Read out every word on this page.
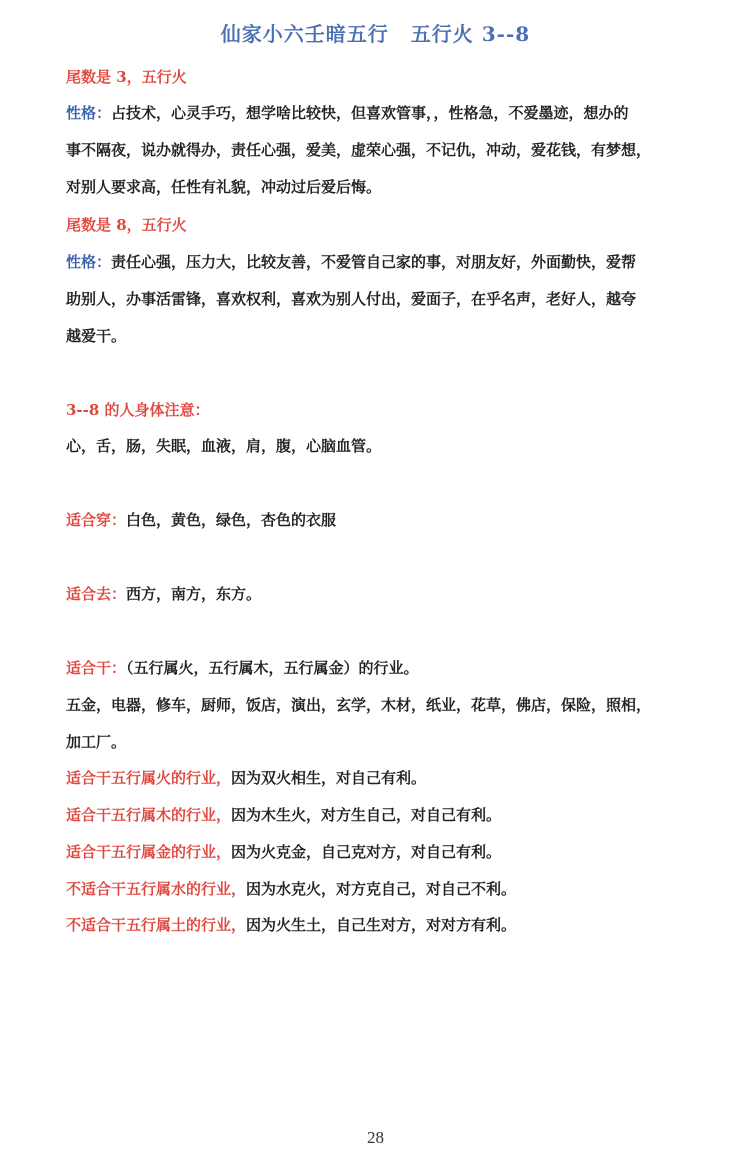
仙家小六壬暗五行 五行火 3--8
尾数是 3，五行火
性格：占技术，心灵手巧，想学啥比较快，但喜欢管事，，性格急，不爱墨迹，想办的
事不隔夜，说办就得办，责任心强，爱美，虚荣心强，不记仇，冲动，爱花钱，有梦想，
对别人要求高，任性有礼貌，冲动过后爱后悔。
尾数是 8，五行火
性格：责任心强，压力大，比较友善，不爱管自己家的事，对朋友好，外面勤快，爱帮
助别人，办事活雷锋，喜欢权利，喜欢为别人付出，爱面子，在乎名声，老好人，越夸
越爱干。
3--8 的人身体注意：
心，舌，肠，失眠，血液，肩，腹，心脑血管。
适合穿：白色，黄色，绿色，杏色的衣服
适合去：西方，南方，东方。
适合干：（五行属火，五行属木，五行属金）的行业。
五金，电器，修车，厨师，饭店，演出，玄学，木材，纸业，花草，佛店，保险，照相，
加工厂。
适合干五行属火的行业，因为双火相生，对自己有利。
适合干五行属木的行业，因为木生火，对方生自己，对自己有利。
适合干五行属金的行业，因为火克金，自己克对方，对自己有利。
不适合干五行属水的行业，因为水克火，对方克自己，对自己不利。
不适合干五行属土的行业，因为火生土，自己生对方，对对方有利。
28
